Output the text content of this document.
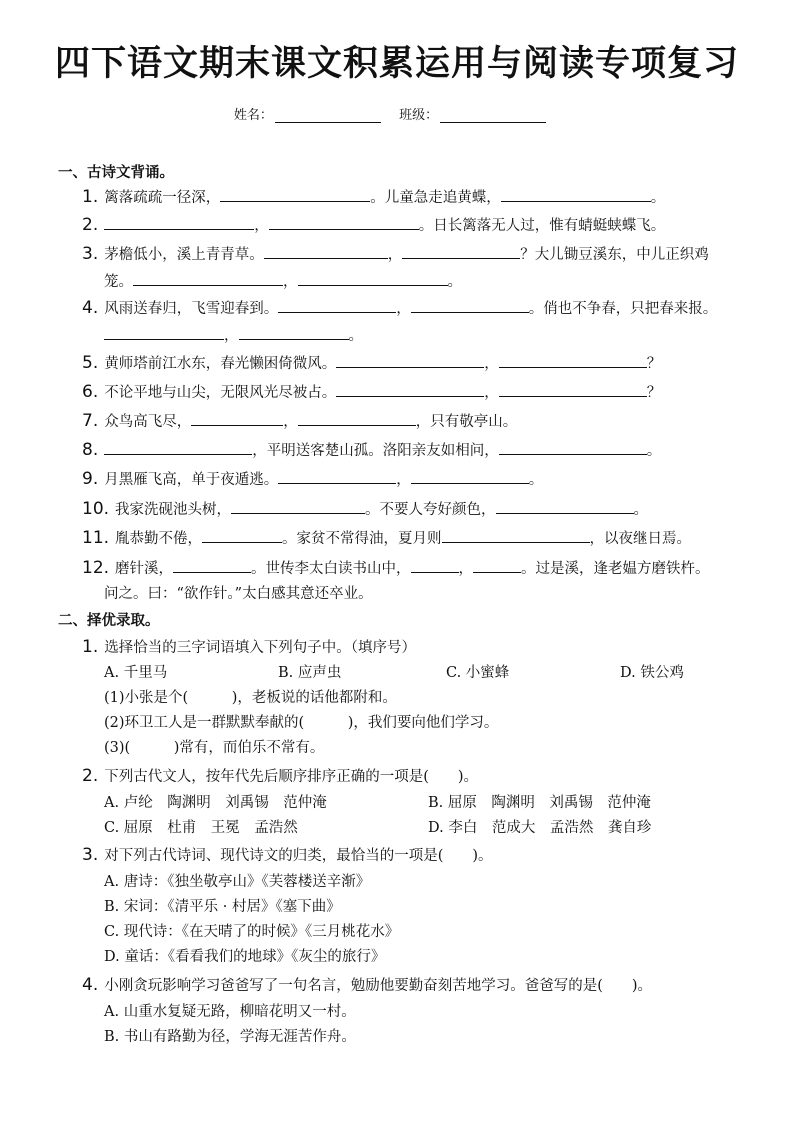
四下语文期末课文积累运用与阅读专项复习
姓名：	班级：
一、古诗文背诵。
1. 篱落疏疏一径深，	。儿童急走追黄蝶，	。
2.	，	。日长篱落无人过，惟有蜻蜓蛱蝶飞。
3. 茅檐低小，溪上青青草。	，	？大儿锄豆溪东，中儿正织鸡
笼。	，	。
4. 风雨送春归，飞雪迎春到。	，	。俏也不争春，只把春来报。
，	。
5. 黄师塔前江水东，春光懒困倚微风。	，	？
6. 不论平地与山尖，无限风光尽被占。	，	？
7. 众鸟高飞尽，	，	，只有敬亭山。
8.	，平明送客楚山孤。洛阳亲友如相问，	。
9. 月黑雁飞高，单于夜遁逃。	，	。
10. 我家洗砚池头树，	。不要人夸好颜色，	。
11. 胤恭勤不倦，	。家贫不常得油，夏月则	，以夜继日焉。
12. 磨针溪，	。世传李太白读书山中，	，	。过是溪，逢老媪方磨铁杵。
问之。曰：“欲作针。”太白感其意还卒业。
二、择优录取。
1. 选择恰当的三字词语填入下列句子中。（填序号）
A. 千里马	B. 应声虫	C. 小蜜蜂	D. 铁公鸡
(1)小张是个(　　　)，老板说的话他都附和。
(2)环卫工人是一群默默奉献的(　　　)，我们要向他们学习。
(3)(　　　)常有，而伯乐不常有。
2. 下列古代文人，按年代先后顺序排序正确的一项是(　　)。
A. 卢纶　陶渊明　刘禹锡　范仲淹	B. 屈原　陶渊明　刘禹锡　范仲淹
C. 屈原　杜甫　王冕　孟浩然	D. 李白　范成大　孟浩然　龚自珍
3. 对下列古代诗词、现代诗文的归类，最恰当的一项是(　　)。
A. 唐诗：《独坐敬亭山》《芙蓉楼送辛渐》
B. 宋词：《清平乐 · 村居》《塞下曲》
C. 现代诗：《在天晴了的时候》《三月桃花水》
D. 童话：《看看我们的地球》《灰尘的旅行》
4. 小刚贪玩影响学习爸爸写了一句名言，勉励他要勤奋刻苦地学习。爸爸写的是(　　)。
A. 山重水复疑无路，柳暗花明又一村。
B. 书山有路勤为径，学海无涯苦作舟。
